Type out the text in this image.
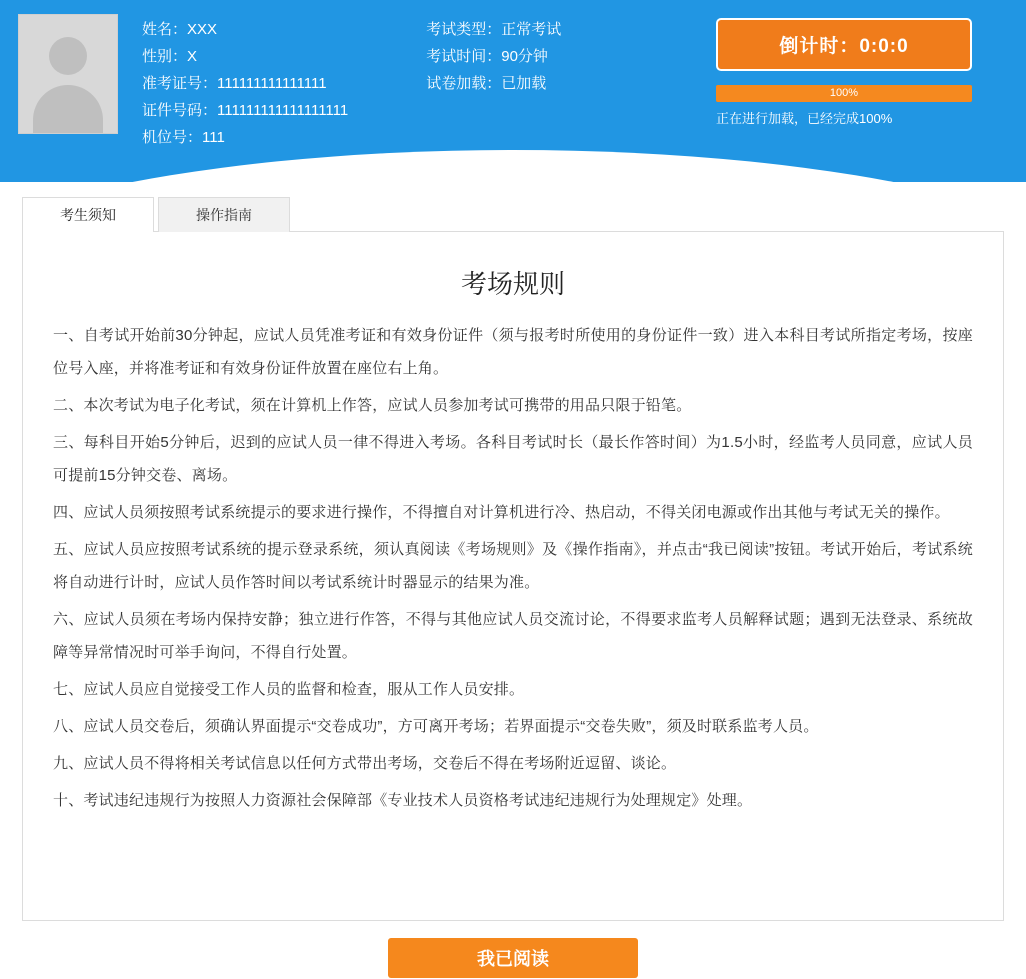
姓名：XXX
性别：X
准考证号：111111111111111
证件号码：111111111111111111
机位号：111
考试类型：正常考试
考试时间：90分钟
试卷加载：已加载
倒计时：0:0:0
100%
正在进行加载，已经完成100%
考生须知	操作指南
考场规则

一、自考试开始前30分钟起，应试人员凭准考证和有效身份证件（须与报考时所使用的身份证件一致）进入本科目考试所指定考场，按座位号入座，并将准考证和有效身份证件放置在座位右上角。

二、本次考试为电子化考试，须在计算机上作答，应试人员参加考试可携带的用品只限于铅笔。

三、每科目开始5分钟后，迟到的应试人员一律不得进入考场。各科目考试时长（最长作答时间）为1.5小时，经监考人员同意，应试人员可提前15分钟交卷、离场。

四、应试人员须按照考试系统提示的要求进行操作，不得擅自对计算机进行冷、热启动，不得关闭电源或作出其他与考试无关的操作。

五、应试人员应按照考试系统的提示登录系统，须认真阅读《考场规则》及《操作指南》，并点击“我已阅读”按钮。考试开始后，考试系统将自动进行计时，应试人员作答时间以考试系统计时器显示的结果为准。

六、应试人员须在考场内保持安静；独立进行作答，不得与其他应试人员交流讨论，不得要求监考人员解释试题；遇到无法登录、系统故障等异常情况时可举手询问，不得自行处置。

七、应试人员应自觉接受工作人员的监督和检查，服从工作人员安排。

八、应试人员交卷后，须确认界面提示“交卷成功”，方可离开考场；若界面提示“交卷失败”，须及时联系监考人员。

九、应试人员不得将相关考试信息以任何方式带出考场，交卷后不得在考场附近逗留、谈论。

十、考试违纪违规行为按照人力资源社会保障部《专业技术人员资格考试违纪违规行为处理规定》处理。

我已阅读
